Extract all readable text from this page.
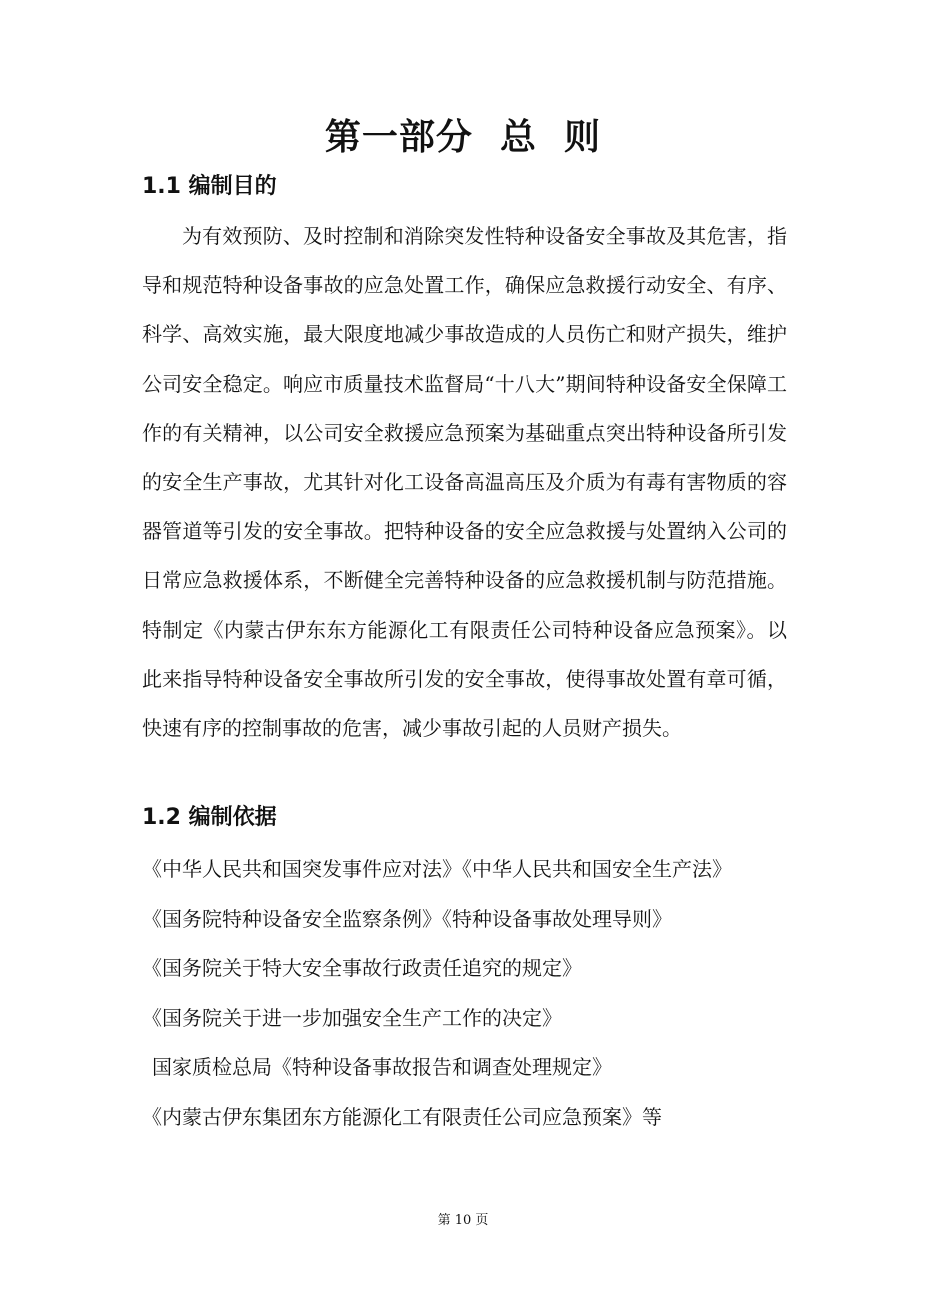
第一部分  总  则
1.1 编制目的

为有效预防、及时控制和消除突发性特种设备安全事故及其危害，指导和规范特种设备事故的应急处置工作，确保应急救援行动安全、有序、科学、高效实施，最大限度地减少事故造成的人员伤亡和财产损失，维护公司安全稳定。响应市质量技术监督局“十八大”期间特种设备安全保障工作的有关精神，以公司安全救援应急预案为基础重点突出特种设备所引发的安全生产事故，尤其针对化工设备高温高压及介质为有毒有害物质的容器管道等引发的安全事故。把特种设备的安全应急救援与处置纳入公司的日常应急救援体系，不断健全完善特种设备的应急救援机制与防范措施。特制定《内蒙古伊东东方能源化工有限责任公司特种设备应急预案》。以此来指导特种设备安全事故所引发的安全事故，使得事故处置有章可循，快速有序的控制事故的危害，减少事故引起的人员财产损失。

1.2 编制依据
《中华人民共和国突发事件应对法》《中华人民共和国安全生产法》
《国务院特种设备安全监察条例》《特种设备事故处理导则》
《国务院关于特大安全事故行政责任追究的规定》
《国务院关于进一步加强安全生产工作的决定》
国家质检总局《特种设备事故报告和调查处理规定》
《内蒙古伊东集团东方能源化工有限责任公司应急预案》等
第 10 页
